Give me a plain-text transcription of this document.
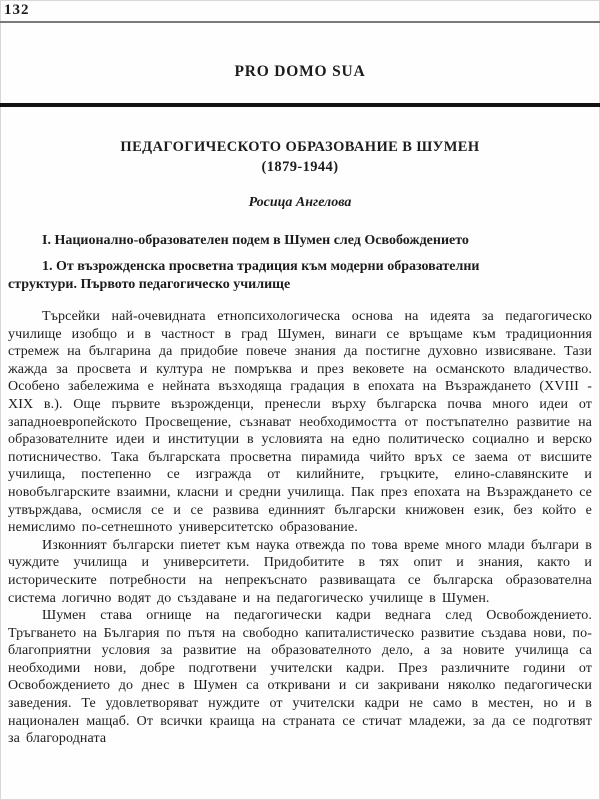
132
PRO DOMO SUA
ПЕДАГОГИЧЕСКОТО ОБРАЗОВАНИЕ В ШУМЕН
(1879-1944)
Росица Ангелова
I. Национално-образователен подем в Шумен след Освобождението
1. От възрожденска просветна традиция към модерни образователни
структури. Първото педагогическо училище

Търсейки най-очевидната етнопсихологическа основа на идеята за педагогическо училище изобщо и в частност в град Шумен, винаги се връщаме към традиционния стремеж на българина да придобие повече знания да постигне духовно извисяване. Тази жажда за просвета и култура не помръква и през вековете на османското владичество. Особено забележима е нейната възходяща градация в епохата на Възраждането (XVIII - XIX в.). Още първите възрожденци, пренесли върху българска почва много идеи от западноевропейското Просвещение, съзнават необходимостта от постъпателно развитие на образователните идеи и институции в условията на едно политическо социално и верско потисничество. Така българската просветна пирамида чийто връх се заема от висшите училища, постепенно се изгражда от килийните, гръцките, елино-славянските и новобългарските взаимни, класни и средни училища. Пак през епохата на Възраждането се утвърждава, осмисля се и се развива единният български книжовен език, без който е немислимо по-сетнешното университетско образование.

Изконният български пиетет към наука отвежда по това време много млади българи в чуждите училища и университети. Придобитите в тях опит и знания, както и историческите потребности на непрекъснато развиващата се българска образователна система логично водят до създаване и на педагогическо училище в Шумен.

Шумен става огнище на педагогически кадри веднага след Освобождението. Тръгването на България по пътя на свободно капиталистическо развитие създава нови, по-благоприятни условия за развитие на образователното дело, а за новите училища са необходими нови, добре подготвени учителски кадри. През различните години от Освобождението до днес в Шумен са откривани и си закривани няколко педагогически заведения. Те удовлетворяват нуждите от учителски кадри не само в местен, но и в национален мащаб. От всички краища на страната се стичат младежи, за да се подготвят за благородната
